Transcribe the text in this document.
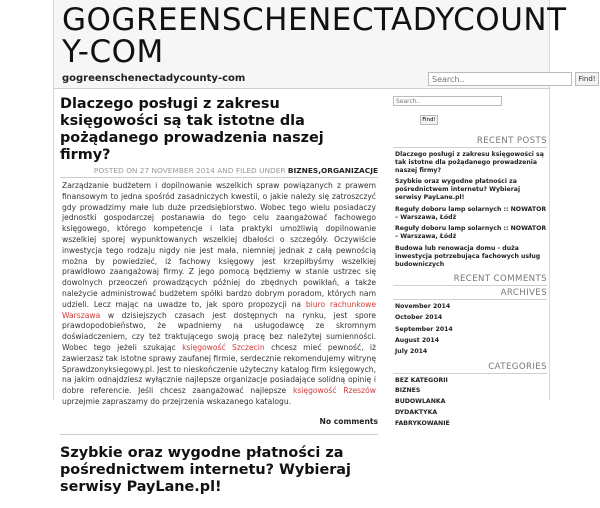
GOGREENSCHENECTADYCOUNTY-COM
gogreenschenectadycounty-com
Search..	Find!
Dlaczego posługi z zakresu księgowości są tak istotne dla pożądanego prowadzenia naszej firmy?
POSTED ON 27 NOVEMBER 2014 AND FILED UNDER BIZNES,ORGANIZACJE
Zarządzanie budżetem i dopilnowanie wszelkich spraw powiązanych z prawem finansowym to jedna spośród zasadniczych kwestii, o jakie należy się zatroszczyć gdy prowadzimy małe lub duże przedsiębiorstwo. Wobec tego wielu posiadaczy jednostki gospodarczej postanawia do tego celu zaangażować fachowego księgowego, którego kompetencje i lata praktyki umożliwią dopilnowanie wszelkiej sporej wypunktowanych wszelkiej dbałości o szczegóły. Oczywiście inwestycja tego rodzaju nigdy nie jest mała, niemniej jednak z całą pewnością można by powiedzieć, iż fachowy księgowy jest krzepiłbyśmy wszelkiej prawidłowo zaangażowaj firmy. Z jego pomocą będziemy w stanie ustrzec się dowolnych przeoczeń prowadzących później do zbędnych powikłań, a także należycie administrować budżetem spółki bardzo dobrym poradom, których nam udzieli. Lecz mając na uwadze to, jak sporo propozycji na biuro rachunkowe Warszawa w dzisiejszych czasach jest dostępnych na rynku, jest spore prawdopodobieństwo, że wpadniemy na usługodawcę ze skromnym doświadczeniem, czy też traktującego swoją pracę bez należytej sumienności. Wobec tego jeżeli szukając księgowość Szczecin chcesz mieć pewność, iż zawierzasz tak istotne sprawy zaufanej firmie, serdecznie rekomendujemy witrynę Sprawdzonyksiegowy.pl. Jest to nieskończenie użyteczny katalog firm księgowych, na jakim odnajdziesz wyłącznie najlepsze organizacje posiadające solidną opinię i dobre referencie. Jeśli chcesz zaangażować najlepsze księgowość Rzeszów uprzejmie zapraszamy do przejrzenia wskazanego katalogu.
No comments
Szybkie oraz wygodne płatności za pośrednictwem internetu? Wybieraj serwisy PayLane.pl!
Search.. Find!
RECENT POSTS
Dlaczego posługi z zakresu księgowości są tak istotne dla pożądanego prowadzenia naszej firmy?
Szybkie oraz wygodne płatności za pośrednictwem internetu? Wybieraj serwisy PayLane.pl!
Reguły doboru lamp solarnych :: NOWATOR – Warszawa, Łódź
Reguły doboru lamp solarnych :: NOWATOR – Warszawa, Łódź
Budowa lub renowacja domu - duża inwestycja potrzebująca fachowych usług budowniczych
RECENT COMMENTS
ARCHIVES
November 2014
October 2014
September 2014
August 2014
July 2014
CATEGORIES
BEZ KATEGORII
BIZNES
BUDOWLANKA
DYDAKTYKA
FABRYKOWANIE
